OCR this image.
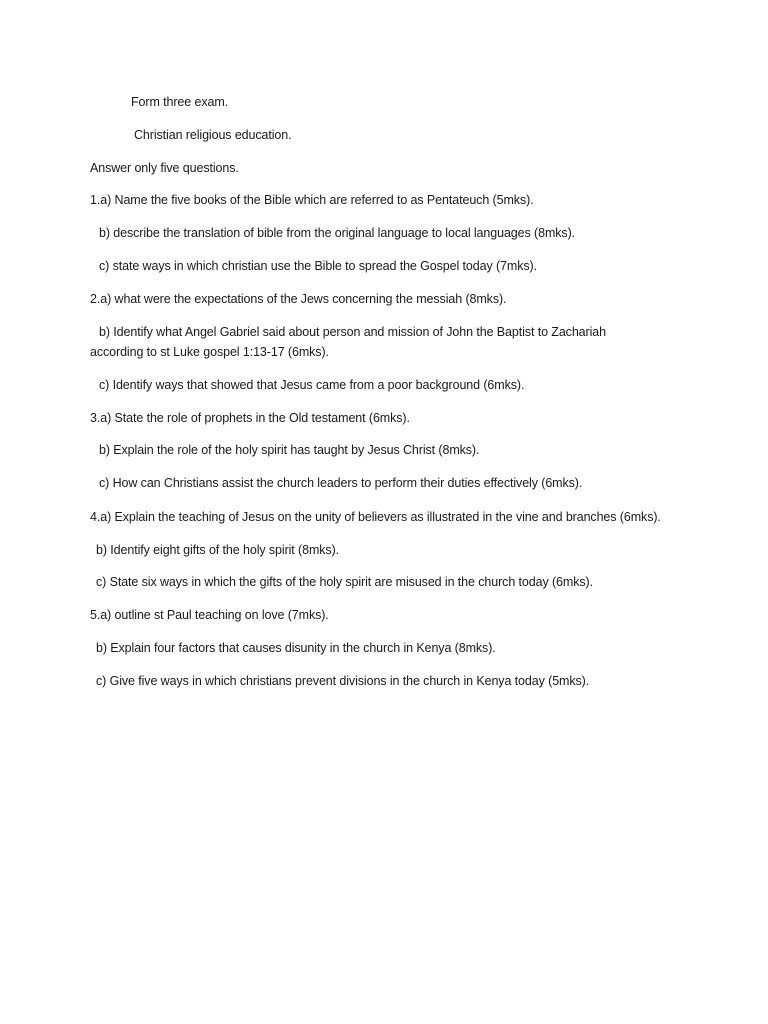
Form three exam.
Christian religious education.
Answer only five questions.
1.a) Name the five books of the Bible which are referred to as Pentateuch (5mks).
b) describe the translation of bible from the original language to local languages (8mks).
c) state ways in which christian use the Bible to spread the Gospel today (7mks).
2.a) what were the expectations of the Jews concerning the messiah (8mks).
b) Identify what Angel Gabriel said about person and mission of John the Baptist to Zachariah according to st Luke gospel 1:13-17 (6mks).
c) Identify ways that showed that Jesus came from a poor background (6mks).
3.a) State the role of prophets in the Old testament (6mks).
b) Explain the role of the holy spirit has taught by Jesus Christ (8mks).
c) How can Christians assist the church leaders to perform their duties effectively (6mks).
4.a) Explain the teaching of Jesus on the unity of believers as illustrated in the vine and branches (6mks).
b) Identify eight gifts of the holy spirit (8mks).
c) State six ways in which the gifts of the holy spirit are misused in the church today (6mks).
5.a) outline st Paul teaching on love (7mks).
b) Explain four factors that causes disunity in the church in Kenya (8mks).
c) Give five ways in which christians prevent divisions in the church in Kenya today (5mks).
